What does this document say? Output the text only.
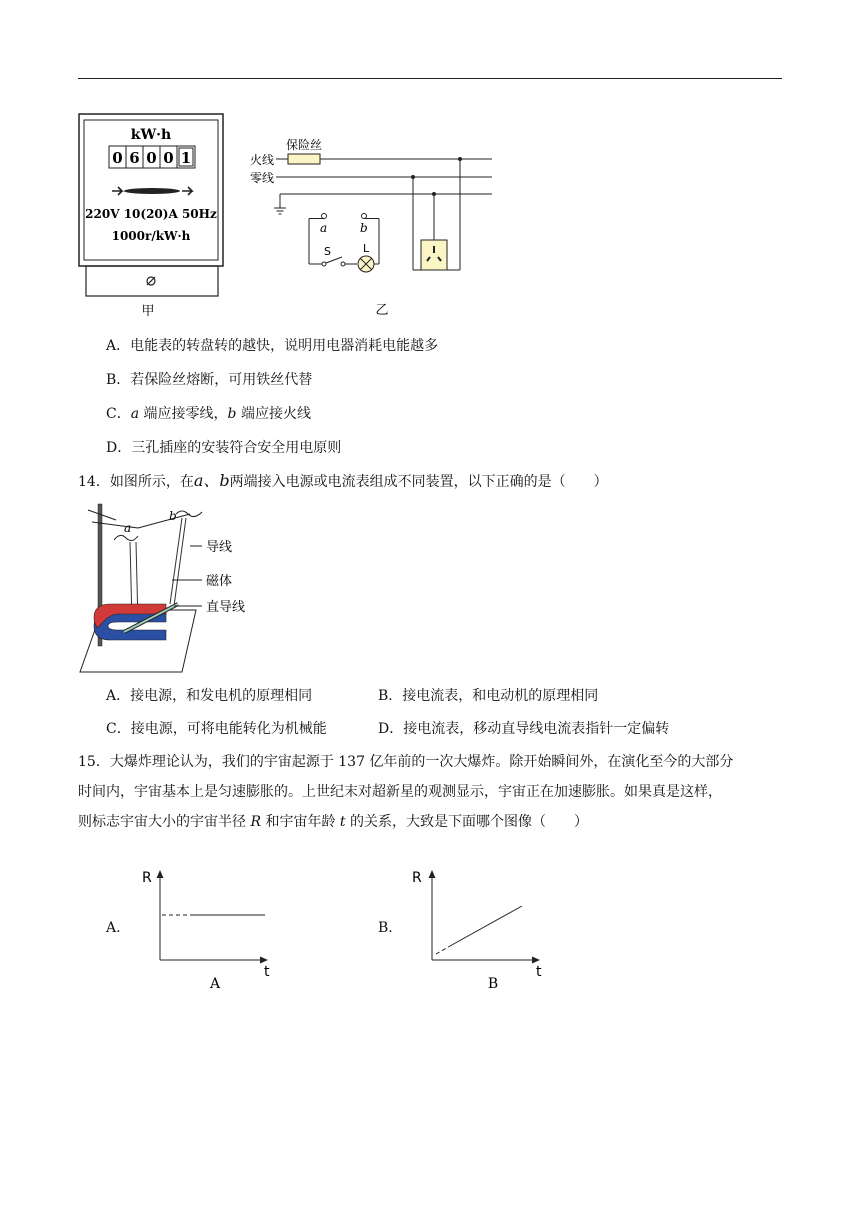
kW·h
0 6 0 0 1
220V 10(20)A 50Hz
1000r/kW·h
甲
保险丝
火线
零线
a	b
S	L
乙
A．电能表的转盘转的越快，说明用电器消耗电能越多
B．若保险丝熔断，可用铁丝代替
C．a 端应接零线，b 端应接火线
D．三孔插座的安装符合安全用电原则
14．如图所示，在a、b两端接入电源或电流表组成不同装置，以下正确的是（　　）
a
b
导线
磁体
直导线
A．接电源，和发电机的原理相同	B．接电流表，和电动机的原理相同
C．接电源，可将电能转化为机械能	D．接电流表，移动直导线电流表指针一定偏转
15．大爆炸理论认为，我们的宇宙起源于 137 亿年前的一次大爆炸。除开始瞬间外，在演化至今的大部分
时间内，宇宙基本上是匀速膨胀的。上世纪末对超新星的观测显示，宇宙正在加速膨胀。如果真是这样，
则标志宇宙大小的宇宙半径 R 和宇宙年龄 t 的关系，大致是下面哪个图像（　　）
A.
R
t
A
B.
R
t
B
